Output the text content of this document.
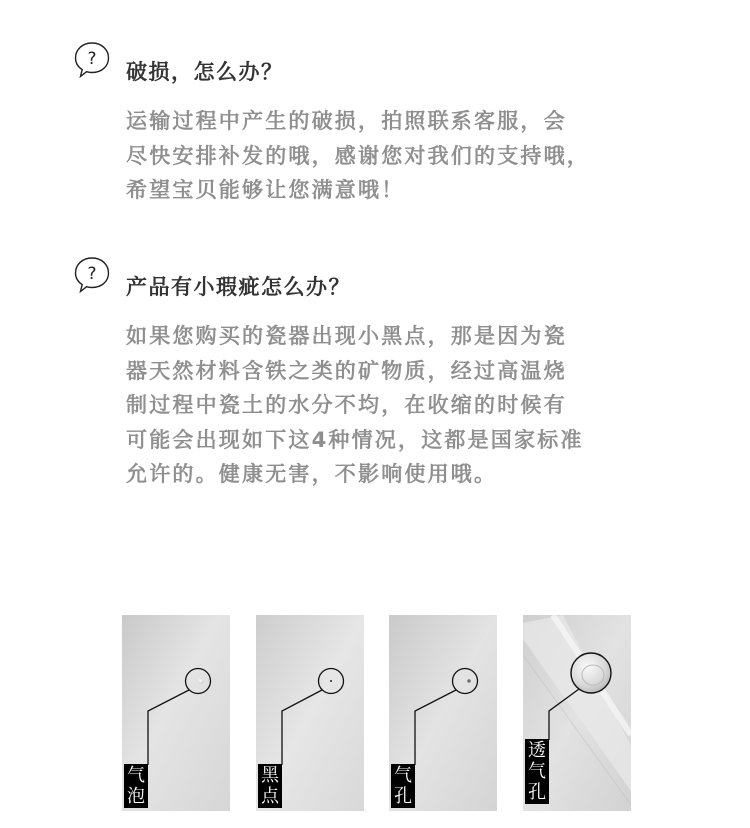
?
破损，怎么办？
运输过程中产生的破损，拍照联系客服，会
尽快安排补发的哦，感谢您对我们的支持哦，
希望宝贝能够让您满意哦！
?
产品有小瑕疵怎么办？
如果您购买的瓷器出现小黑点，那是因为瓷
器天然材料含铁之类的矿物质，经过高温烧
制过程中瓷土的水分不均，在收缩的时候有
可能会出现如下这4种情况，这都是国家标准
允许的。健康无害，不影响使用哦。
气泡
黑点
气孔
透气孔
